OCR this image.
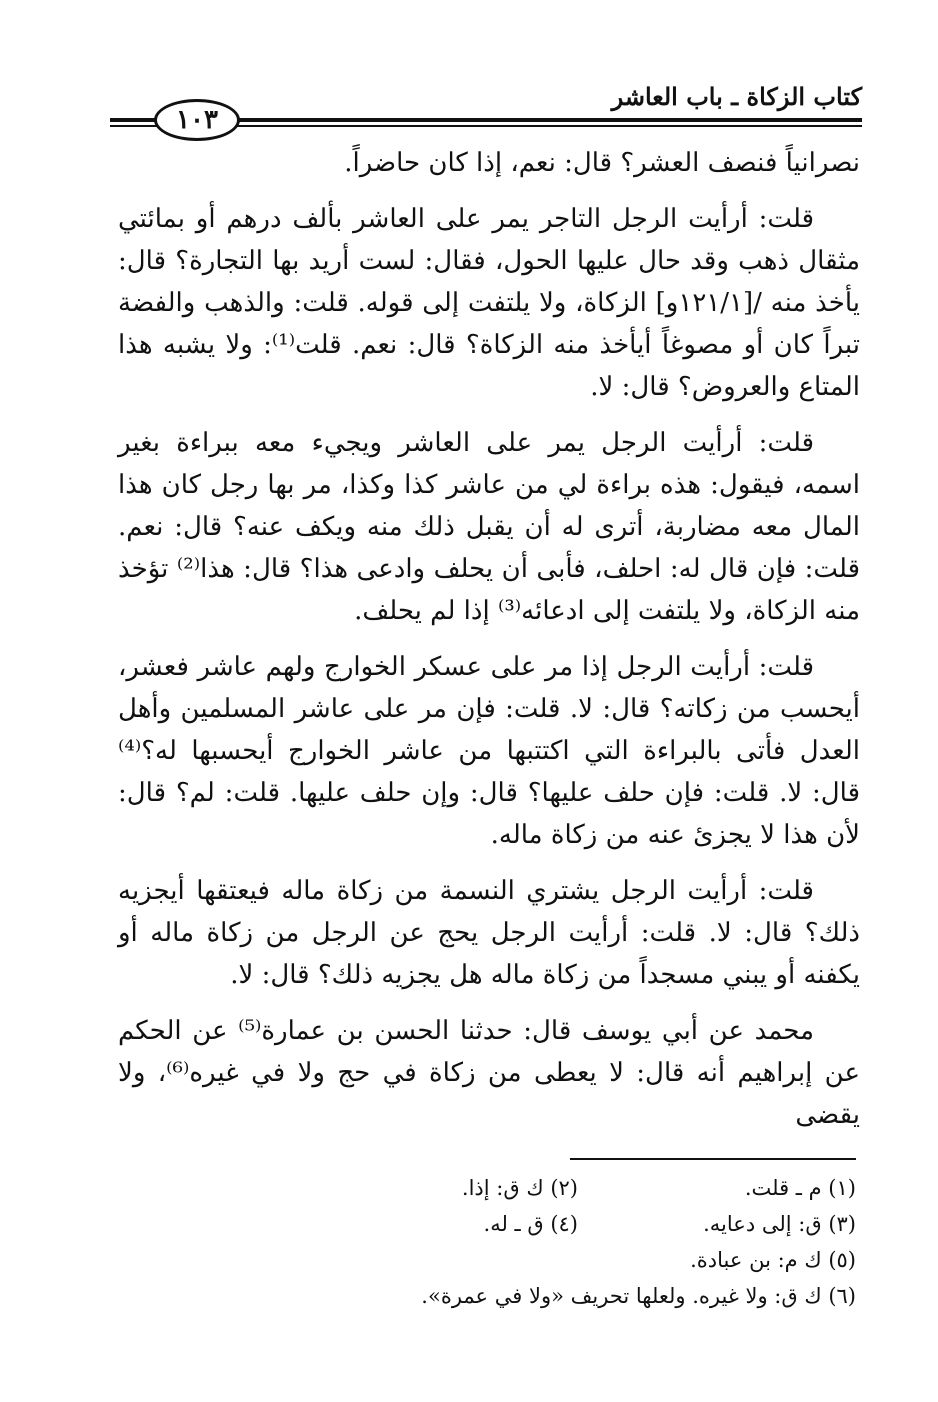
كتاب الزكاة ـ باب العاشر
١٠٣

نصرانياً فنصف العشر؟ قال: نعم، إذا كان حاضراً.

قلت: أرأيت الرجل التاجر يمر على العاشر بألف درهم أو بمائتي مثقال ذهب وقد حال عليها الحول، فقال: لست أريد بها التجارة؟ قال: يأخذ منه /[١٢١/١و] الزكاة، ولا يلتفت إلى قوله. قلت: والذهب والفضة تبراً كان أو مصوغاً أيأخذ منه الزكاة؟ قال: نعم. قلت⁽¹⁾: ولا يشبه هذا المتاع والعروض؟ قال: لا.

قلت: أرأيت الرجل يمر على العاشر ويجيء معه ببراءة بغير اسمه، فيقول: هذه براءة لي من عاشر كذا وكذا، مر بها رجل كان هذا المال معه مضاربة، أترى له أن يقبل ذلك منه ويكف عنه؟ قال: نعم. قلت: فإن قال له: احلف، فأبى أن يحلف وادعى هذا؟ قال: هذا⁽²⁾ تؤخذ منه الزكاة، ولا يلتفت إلى ادعائه⁽³⁾ إذا لم يحلف.

قلت: أرأيت الرجل إذا مر على عسكر الخوارج ولهم عاشر فعشر، أيحسب من زكاته؟ قال: لا. قلت: فإن مر على عاشر المسلمين وأهل العدل فأتى بالبراءة التي اكتتبها من عاشر الخوارج أيحسبها له؟⁽⁴⁾ قال: لا. قلت: فإن حلف عليها؟ قال: وإن حلف عليها. قلت: لم؟ قال: لأن هذا لا يجزئ عنه من زكاة ماله.

قلت: أرأيت الرجل يشتري النسمة من زكاة ماله فيعتقها أيجزيه ذلك؟ قال: لا. قلت: أرأيت الرجل يحج عن الرجل من زكاة ماله أو يكفنه أو يبني مسجداً من زكاة ماله هل يجزيه ذلك؟ قال: لا.

محمد عن أبي يوسف قال: حدثنا الحسن بن عمارة⁽⁵⁾ عن الحكم عن إبراهيم أنه قال: لا يعطى من زكاة في حج ولا في غيره⁽⁶⁾، ولا يقضى

(١) م ـ قلت.
(٢) ك ق: إذا.
(٣) ق: إلى دعايه.
(٤) ق ـ له.
(٥) ك م: بن عبادة.
(٦) ك ق: ولا غيره. ولعلها تحريف «ولا في عمرة».
